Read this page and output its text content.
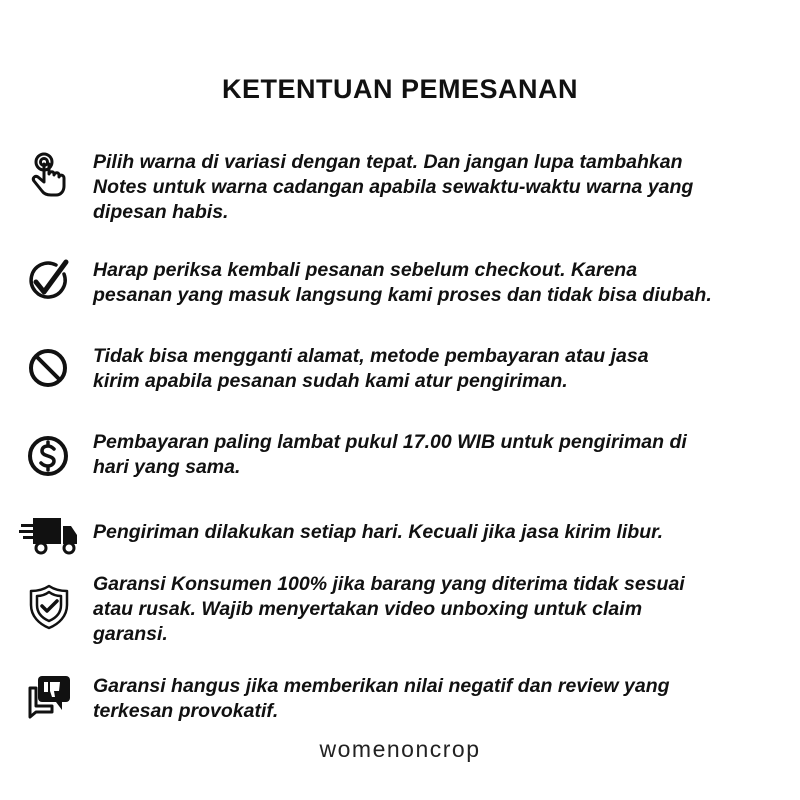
KETENTUAN PEMESANAN
Pilih warna di variasi dengan tepat. Dan jangan lupa tambahkan
Notes untuk warna cadangan apabila sewaktu-waktu warna yang
dipesan habis.
Harap periksa kembali pesanan sebelum checkout. Karena
pesanan yang masuk langsung kami proses dan tidak bisa diubah.
Tidak bisa mengganti alamat, metode pembayaran atau jasa
kirim apabila pesanan sudah kami atur pengiriman.
Pembayaran paling lambat pukul 17.00 WIB untuk pengiriman di
hari yang sama.
Pengiriman dilakukan setiap hari. Kecuali jika jasa kirim libur.
Garansi Konsumen 100% jika barang yang diterima tidak sesuai
atau rusak. Wajib menyertakan video unboxing untuk claim
garansi.
Garansi hangus jika memberikan nilai negatif dan review yang
terkesan provokatif.
womenoncrop
